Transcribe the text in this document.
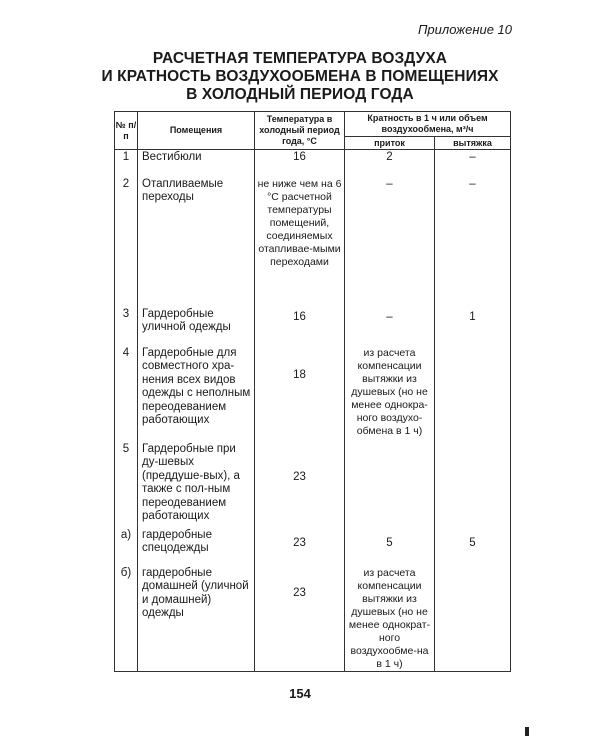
Приложение 10
РАСЧЕТНАЯ ТЕМПЕРАТУРА ВОЗДУХА
И КРАТНОСТЬ ВОЗДУХООБМЕНА В ПОМЕЩЕНИЯХ
В ХОЛОДНЫЙ ПЕРИОД ГОДА
№ п/п	Помещения	Температура в холодный период года, °С	Кратность в 1 ч или объем воздухообмена, м³/ч	
			приток	вытяжка
1	Вестибюли	16	2	–
2	Отапливаемые переходы	не ниже чем на 6 °С расчетной температуры помещений, соединяемых отапливае-мыми переходами	–	–
3	Гардеробные уличной одежды	16	–	1
4	Гардеробные для совместного хра-нения всех видов одежды с неполным переодеванием работающих	18	из расчета компенсации вытяжки из душевых (но не менее однокра-ного воздухо-обмена в 1 ч)	
5	Гардеробные при ду-шевых (преддуше-вых), а также с пол-ным переодеванием работающих	23		
а)	гардеробные спецодежды	23	5	5
б)	гардеробные домашней (уличной и домашней) одежды	23	из расчета компенсации вытяжки из душевых (но не менее однократ-ного воздухообме-на в 1 ч)	
154
